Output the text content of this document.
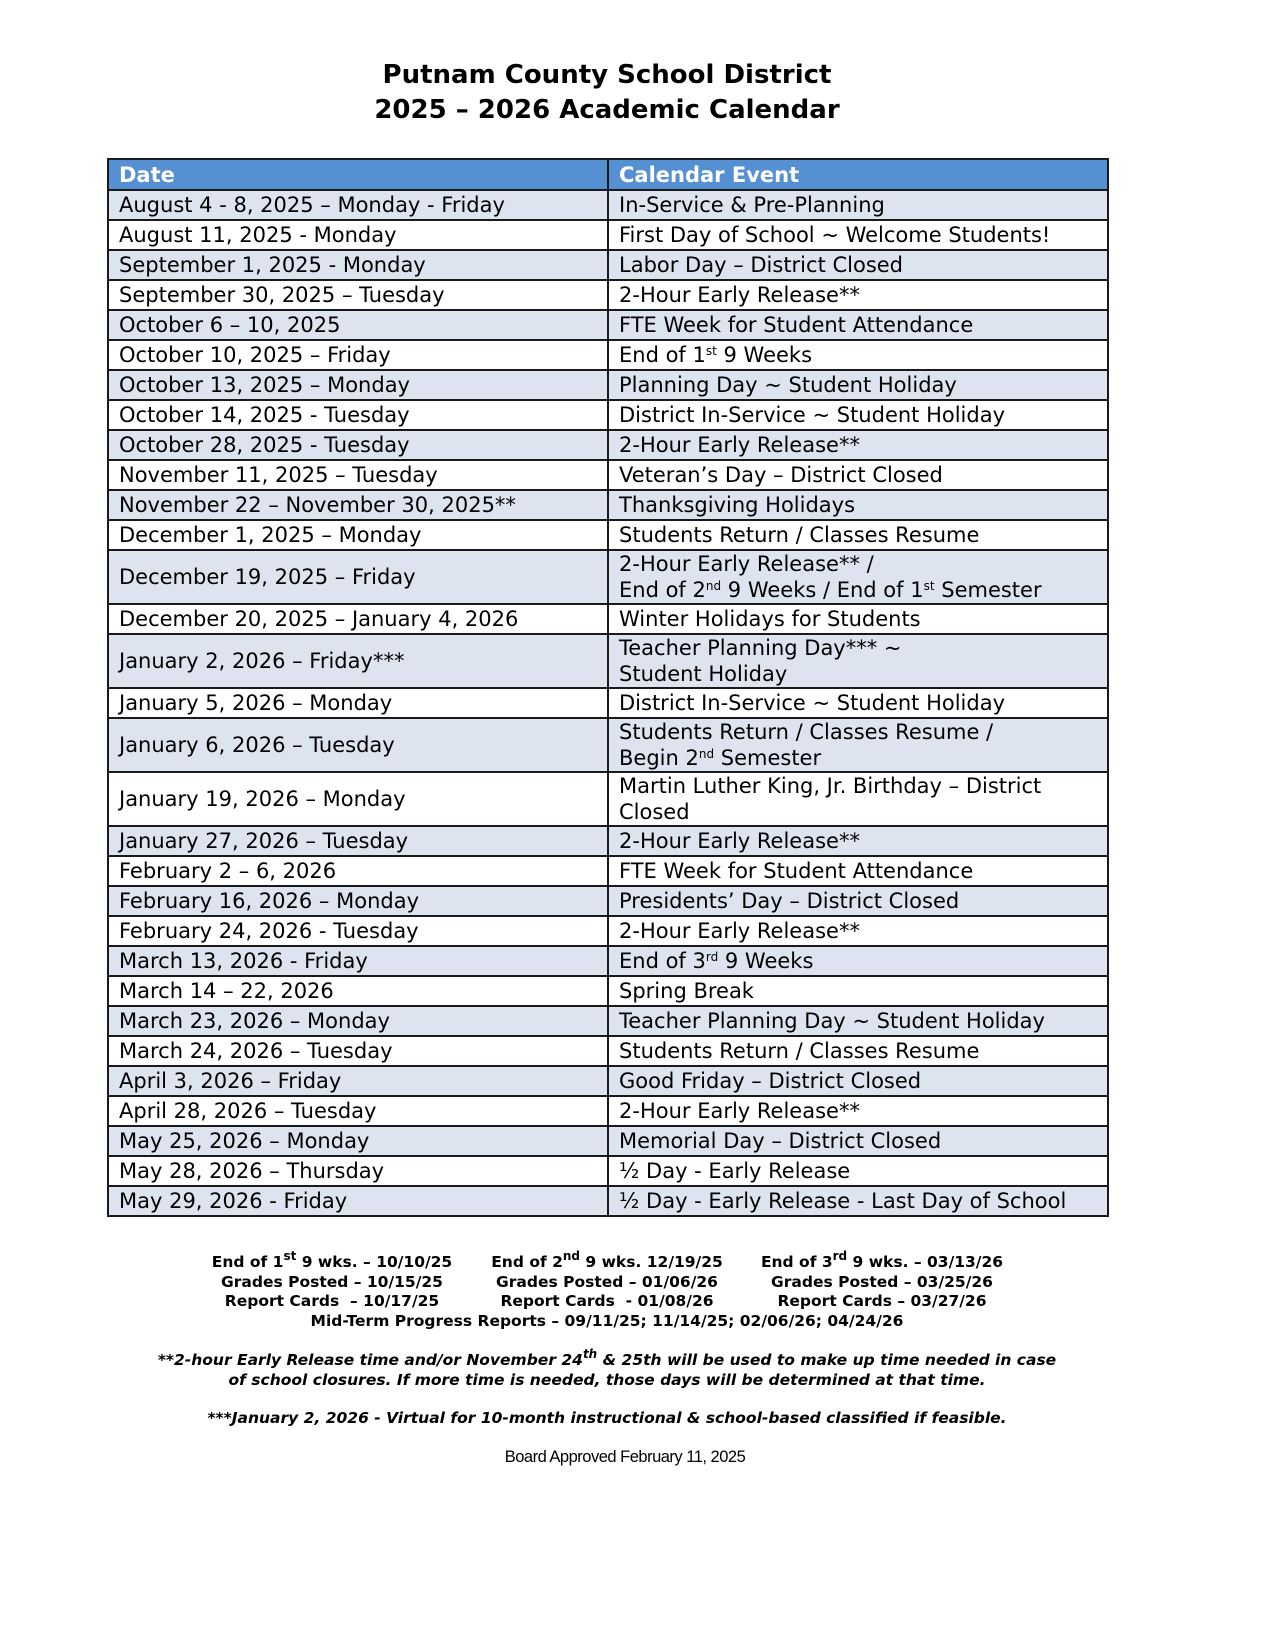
Putnam County School District
2025 – 2026 Academic Calendar
Date	Calendar Event
August 4 - 8, 2025 – Monday - Friday	In-Service & Pre-Planning
August 11, 2025 - Monday	First Day of School ~ Welcome Students!
September 1, 2025 - Monday	Labor Day – District Closed
September 30, 2025 – Tuesday	2-Hour Early Release**
October 6 – 10, 2025	FTE Week for Student Attendance
October 10, 2025 – Friday	End of 1st 9 Weeks
October 13, 2025 – Monday	Planning Day ~ Student Holiday
October 14, 2025 - Tuesday	District In-Service ~ Student Holiday
October 28, 2025 - Tuesday	2-Hour Early Release**
November 11, 2025 – Tuesday	Veteran’s Day – District Closed
November 22 – November 30, 2025**	Thanksgiving Holidays
December 1, 2025 – Monday	Students Return / Classes Resume
December 19, 2025 – Friday	2-Hour Early Release** /
End of 2nd 9 Weeks / End of 1st Semester

December 20, 2025 – January 4, 2026	Winter Holidays for Students
January 2, 2026 – Friday***	Teacher Planning Day*** ~
Student Holiday

January 5, 2026 – Monday	District In-Service ~ Student Holiday
January 6, 2026 – Tuesday	Students Return / Classes Resume /
Begin 2nd Semester

January 19, 2026 – Monday	Martin Luther King, Jr. Birthday – District
Closed

January 27, 2026 – Tuesday	2-Hour Early Release**
February 2 – 6, 2026	FTE Week for Student Attendance
February 16, 2026 – Monday	Presidents’ Day – District Closed
February 24, 2026 - Tuesday	2-Hour Early Release**
March 13, 2026 - Friday	End of 3rd 9 Weeks
March 14 – 22, 2026	Spring Break
March 23, 2026 – Monday	Teacher Planning Day ~ Student Holiday
March 24, 2026 – Tuesday	Students Return / Classes Resume
April 3, 2026 – Friday	Good Friday – District Closed
April 28, 2026 – Tuesday	2-Hour Early Release**
May 25, 2026 – Monday	Memorial Day – District Closed
May 28, 2026 – Thursday	½ Day - Early Release
May 29, 2026 - Friday	½ Day - Early Release - Last Day of School
End of 1st 9 wks. – 10/10/25	End of 2nd 9 wks. 12/19/25	End of 3rd 9 wks. – 03/13/26
Grades Posted – 10/15/25	Grades Posted – 01/06/26	Grades Posted – 03/25/26
Report Cards  – 10/17/25	Report Cards  - 01/08/26	Report Cards – 03/27/26
Mid-Term Progress Reports – 09/11/25; 11/14/25; 02/06/26; 04/24/26
**2-hour Early Release time and/or November 24th & 25th will be used to make up time needed in case
of school closures. If more time is needed, those days will be determined at that time.
***January 2, 2026 - Virtual for 10-month instructional & school-based classified if feasible.
Board Approved February 11, 2025
